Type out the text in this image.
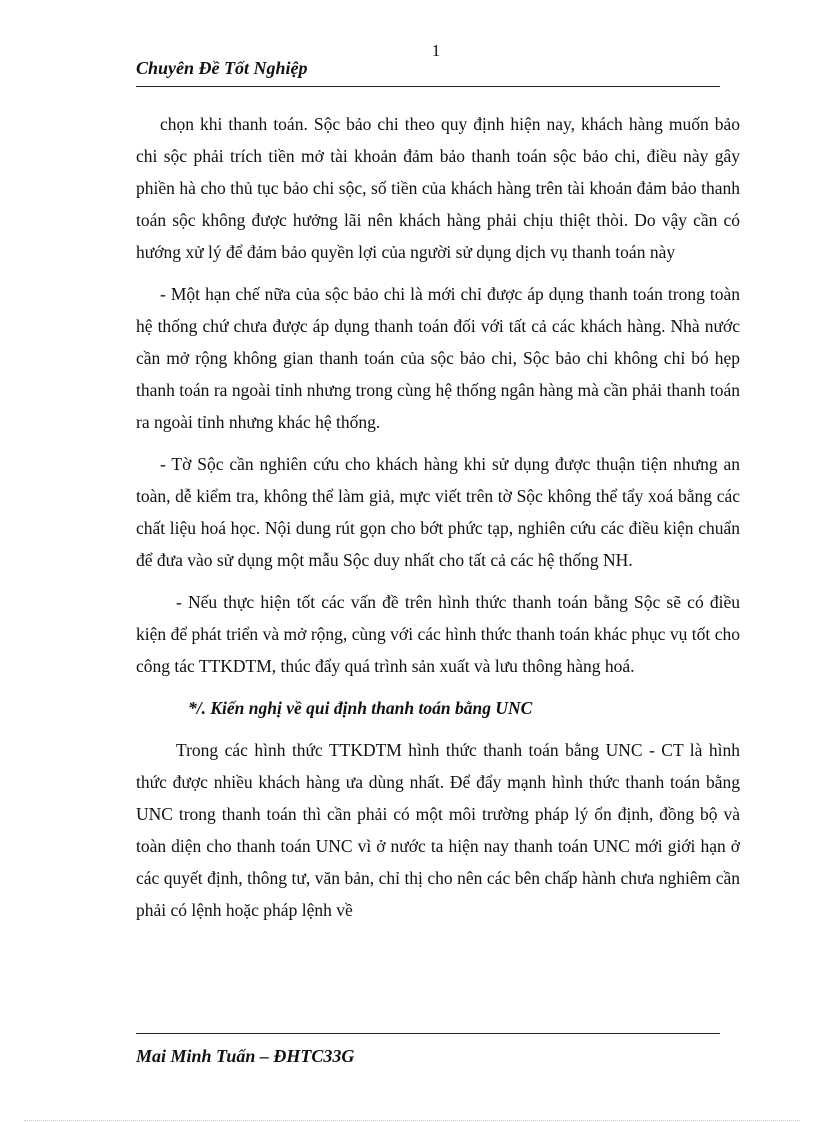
1
Chuyên Đề Tốt Nghiệp

chọn khi thanh toán. Sộc bảo chi theo quy định hiện nay, khách hàng muốn bảo chi sộc phải trích tiền mở tài khoản đảm bảo thanh toán sộc bảo chi, điều này gây phiền hà cho thủ tục bảo chi sộc, số tiền của khách hàng trên tài khoản đảm bảo thanh toán sộc không được hưởng lãi nên khách hàng phải chịu thiệt thòi. Do vậy cần có hướng xử lý để đảm bảo quyền lợi của người sử dụng dịch vụ thanh toán này

- Một hạn chế nữa của sộc bảo chi là mới chỉ được áp dụng thanh toán trong toàn hệ thống chứ chưa được áp dụng thanh toán đối với tất cả các khách hàng. Nhà nước cần mở rộng không gian thanh toán của sộc bảo chi, Sộc bảo chi không chỉ bó hẹp thanh toán ra ngoài tỉnh nhưng trong cùng hệ thống ngân hàng mà cần phải thanh toán ra ngoài tỉnh nhưng khác hệ thống.

- Tờ Sộc cần nghiên cứu cho khách hàng khi sử dụng được thuận tiện nhưng an toàn, dễ kiểm tra, không thể làm giả, mực viết trên tờ Sộc không thể tẩy xoá bằng các chất liệu hoá học. Nội dung rút gọn cho bớt phức tạp, nghiên cứu các điều kiện chuẩn để đưa vào sử dụng một mẫu Sộc duy nhất cho tất cả các hệ thống NH.

- Nếu thực hiện tốt các vấn đề trên hình thức thanh toán bằng Sộc sẽ có điều kiện để phát triển và mở rộng, cùng với các hình thức thanh toán khác phục vụ tốt cho công tác TTKDTM, thúc đẩy quá trình sản xuất và lưu thông hàng hoá.

*/. Kiến nghị về qui định thanh toán bằng UNC

Trong các hình thức TTKDTM hình thức thanh toán bằng UNC - CT là hình thức được nhiều khách hàng ưa dùng nhất. Để đẩy mạnh hình thức thanh toán bằng UNC trong thanh toán thì cần phải có một môi trường pháp lý ổn định, đồng bộ và toàn diện cho thanh toán UNC vì ở nước ta hiện nay thanh toán UNC mới giới hạn ở các quyết định, thông tư, văn bản, chỉ thị cho nên các bên chấp hành chưa nghiêm cần phải có lệnh hoặc pháp lệnh về

Mai Minh Tuấn – ĐHTC33G
